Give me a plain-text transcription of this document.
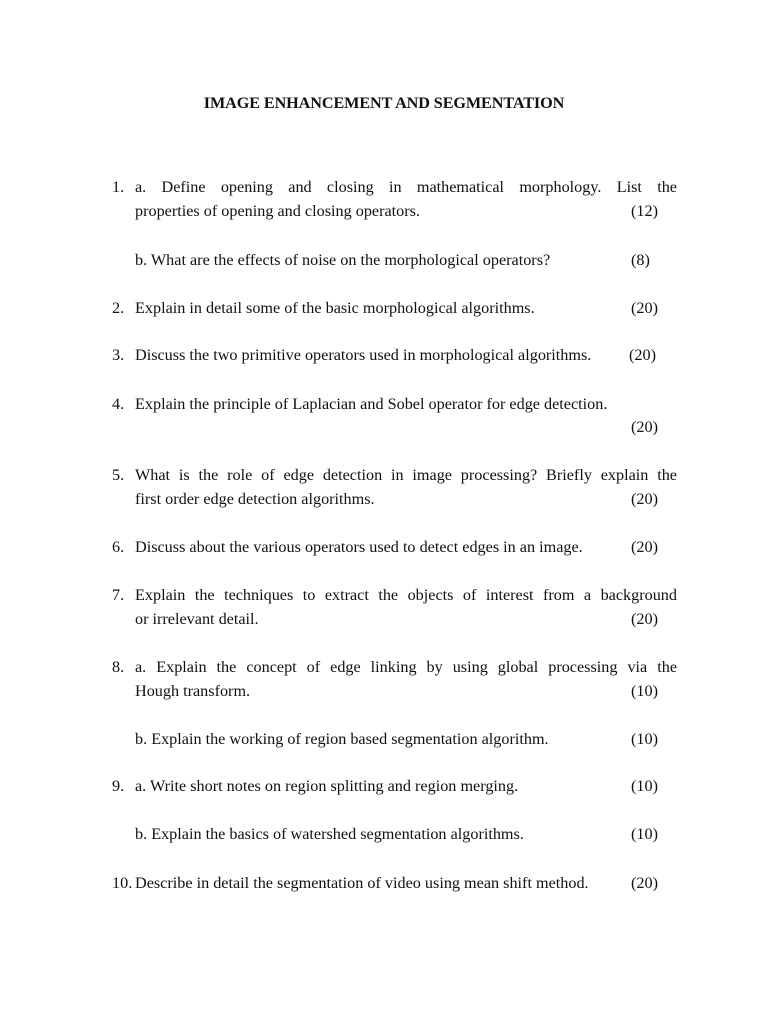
IMAGE ENHANCEMENT AND SEGMENTATION
1. a. Define opening and closing in mathematical morphology. List the
properties of opening and closing operators.	(12)
b. What are the effects of noise on the morphological operators?	(8)
2. Explain in detail some of the basic morphological algorithms.	(20)
3. Discuss the two primitive operators used in morphological algorithms. (20)
4. Explain the principle of Laplacian and Sobel operator for edge detection.
(20)
5. What is the role of edge detection in image processing? Briefly explain the
first order edge detection algorithms.	(20)
6. Discuss about the various operators used to detect edges in an image.	(20)
7. Explain the techniques to extract the objects of interest from a background
or irrelevant detail.	(20)
8. a. Explain the concept of edge linking by using global processing via the
Hough transform.	(10)
b. Explain the working of region based segmentation algorithm.	(10)
9. a. Write short notes on region splitting and region merging.	(10)
b. Explain the basics of watershed segmentation algorithms.	(10)
10. Describe in detail the segmentation of video using mean shift method.	(20)
